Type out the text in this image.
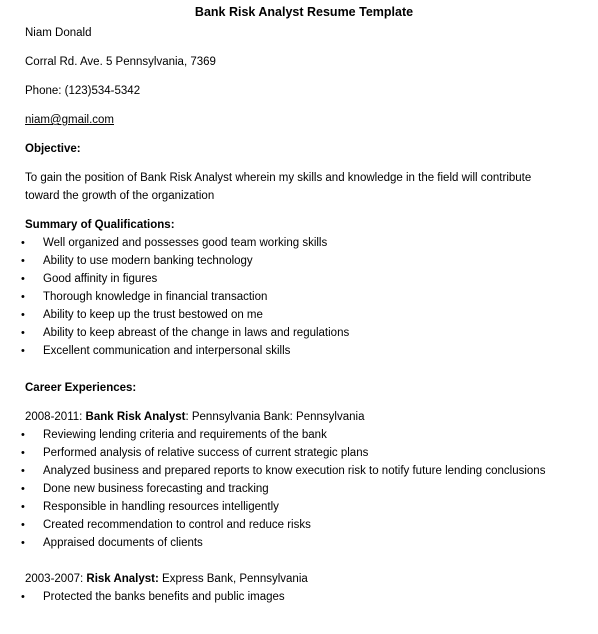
Bank Risk Analyst Resume Template

Niam Donald

Corral Rd. Ave. 5 Pennsylvania, 7369

Phone: (123)534-5342

niam@gmail.com

Objective:

To gain the position of Bank Risk Analyst wherein my skills and knowledge in the field will contribute toward the growth of the organization

Summary of Qualifications:

• Well organized and possesses good team working skills
• Ability to use modern banking technology
• Good affinity in figures
• Thorough knowledge in financial transaction
• Ability to keep up the trust bestowed on me
• Ability to keep abreast of the change in laws and regulations
• Excellent communication and interpersonal skills

Career Experiences:

2008-2011: Bank Risk Analyst: Pennsylvania Bank: Pennsylvania

• Reviewing lending criteria and requirements of the bank
• Performed analysis of relative success of current strategic plans
• Analyzed business and prepared reports to know execution risk to notify future lending conclusions
• Done new business forecasting and tracking
• Responsible in handling resources intelligently
• Created recommendation to control and reduce risks
• Appraised documents of clients

2003-2007: Risk Analyst: Express Bank, Pennsylvania

• Protected the banks benefits and public images
